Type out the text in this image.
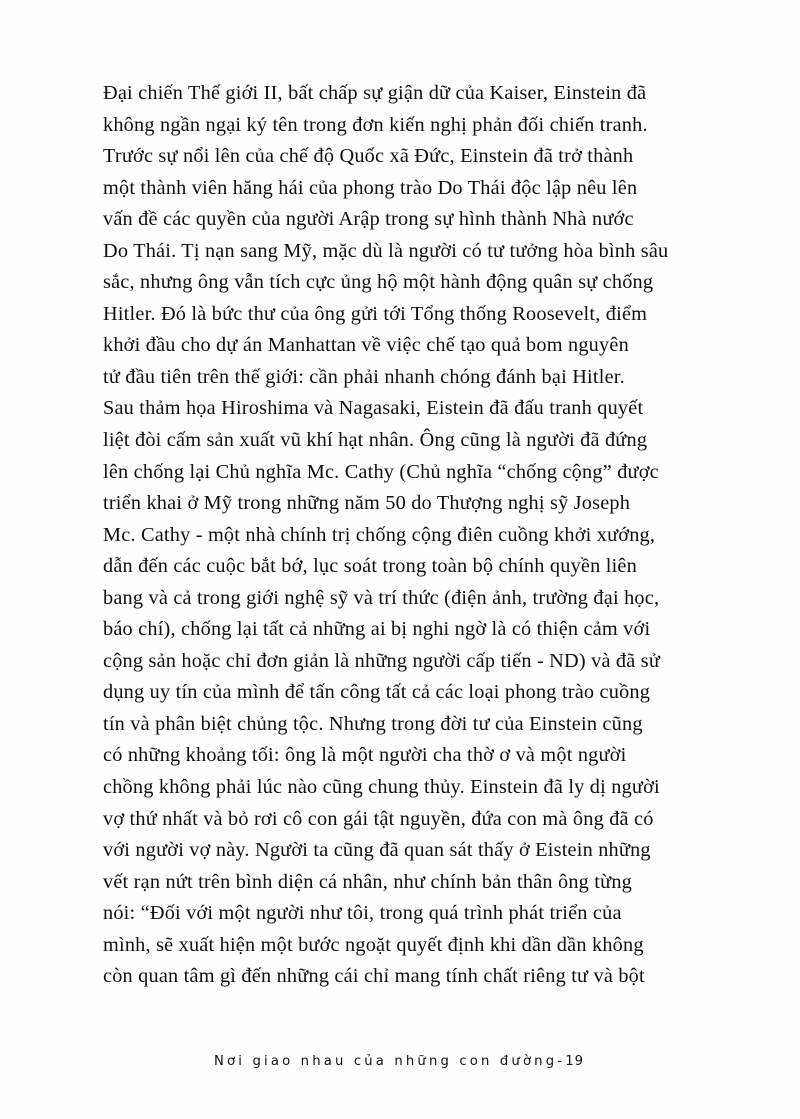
Đại chiến Thế giới II, bất chấp sự giận dữ của Kaiser, Einstein đã
không ngần ngại ký tên trong đơn kiến nghị phản đối chiến tranh.
Trước sự nổi lên của chế độ Quốc xã Đức, Einstein đã trở thành
một thành viên hăng hái của phong trào Do Thái độc lập nêu lên
vấn đề các quyền của người Arập trong sự hình thành Nhà nước
Do Thái. Tị nạn sang Mỹ, mặc dù là người có tư tưởng hòa bình sâu
sắc, nhưng ông vẫn tích cực ủng hộ một hành động quân sự chống
Hitler. Đó là bức thư của ông gửi tới Tổng thống Roosevelt, điểm
khởi đầu cho dự án Manhattan về việc chế tạo quả bom nguyên
tử đầu tiên trên thế giới: cần phải nhanh chóng đánh bại Hitler.
Sau thảm họa Hiroshima và Nagasaki, Eistein đã đấu tranh quyết
liệt đòi cấm sản xuất vũ khí hạt nhân. Ông cũng là người đã đứng
lên chống lại Chủ nghĩa Mc. Cathy (Chủ nghĩa “chống cộng” được
triển khai ở Mỹ trong những năm 50 do Thượng nghị sỹ Joseph
Mc. Cathy - một nhà chính trị chống cộng điên cuồng khởi xướng,
dẫn đến các cuộc bắt bớ, lục soát trong toàn bộ chính quyền liên
bang và cả trong giới nghệ sỹ và trí thức (điện ảnh, trường đại học,
báo chí), chống lại tất cả những ai bị nghi ngờ là có thiện cảm với
cộng sản hoặc chỉ đơn giản là những người cấp tiến - ND) và đã sử
dụng uy tín của mình để tấn công tất cả các loại phong trào cuồng
tín và phân biệt chủng tộc. Nhưng trong đời tư của Einstein cũng
có những khoảng tối: ông là một người cha thờ ơ và một người
chồng không phải lúc nào cũng chung thủy. Einstein đã ly dị người
vợ thứ nhất và bỏ rơi cô con gái tật nguyền, đứa con mà ông đã có
với người vợ này. Người ta cũng đã quan sát thấy ở Eistein những
vết rạn nứt trên bình diện cá nhân, như chính bản thân ông từng
nói: “Đối với một người như tôi, trong quá trình phát triển của
mình, sẽ xuất hiện một bước ngoặt quyết định khi dần dần không
còn quan tâm gì đến những cái chỉ mang tính chất riêng tư và bột
Nơi giao nhau của những con đường-19
